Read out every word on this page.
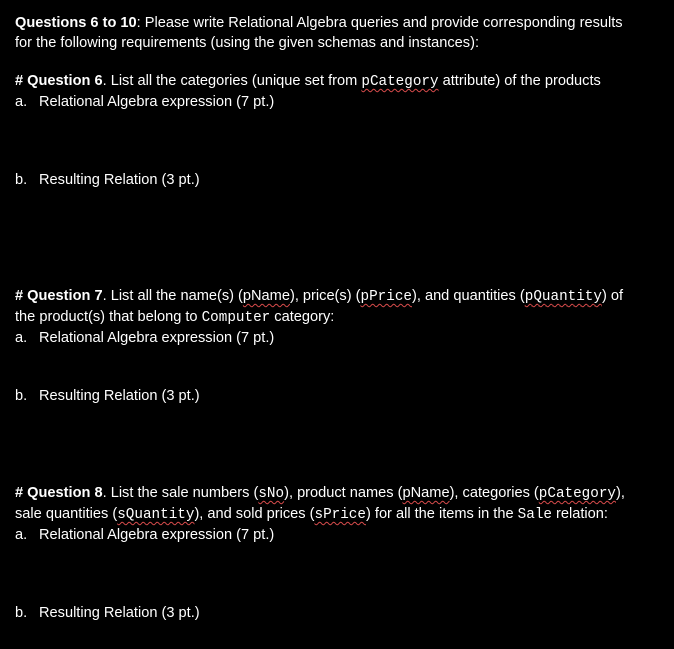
Questions 6 to 10: Please write Relational Algebra queries and provide corresponding results

for the following requirements (using the given schemas and instances):

# Question 6. List all the categories (unique set from pCategory attribute) of the products

a. Relational Algebra expression (7 pt.)

b. Resulting Relation (3 pt.)

# Question 7. List all the name(s) (pName), price(s) (pPrice), and quantities (pQuantity) of

the product(s) that belong to Computer category:

a. Relational Algebra expression (7 pt.)

b. Resulting Relation (3 pt.)

# Question 8. List the sale numbers (sNo), product names (pName), categories (pCategory),

sale quantities (sQuantity), and sold prices (sPrice) for all the items in the Sale relation:

a. Relational Algebra expression (7 pt.)

b. Resulting Relation (3 pt.)
